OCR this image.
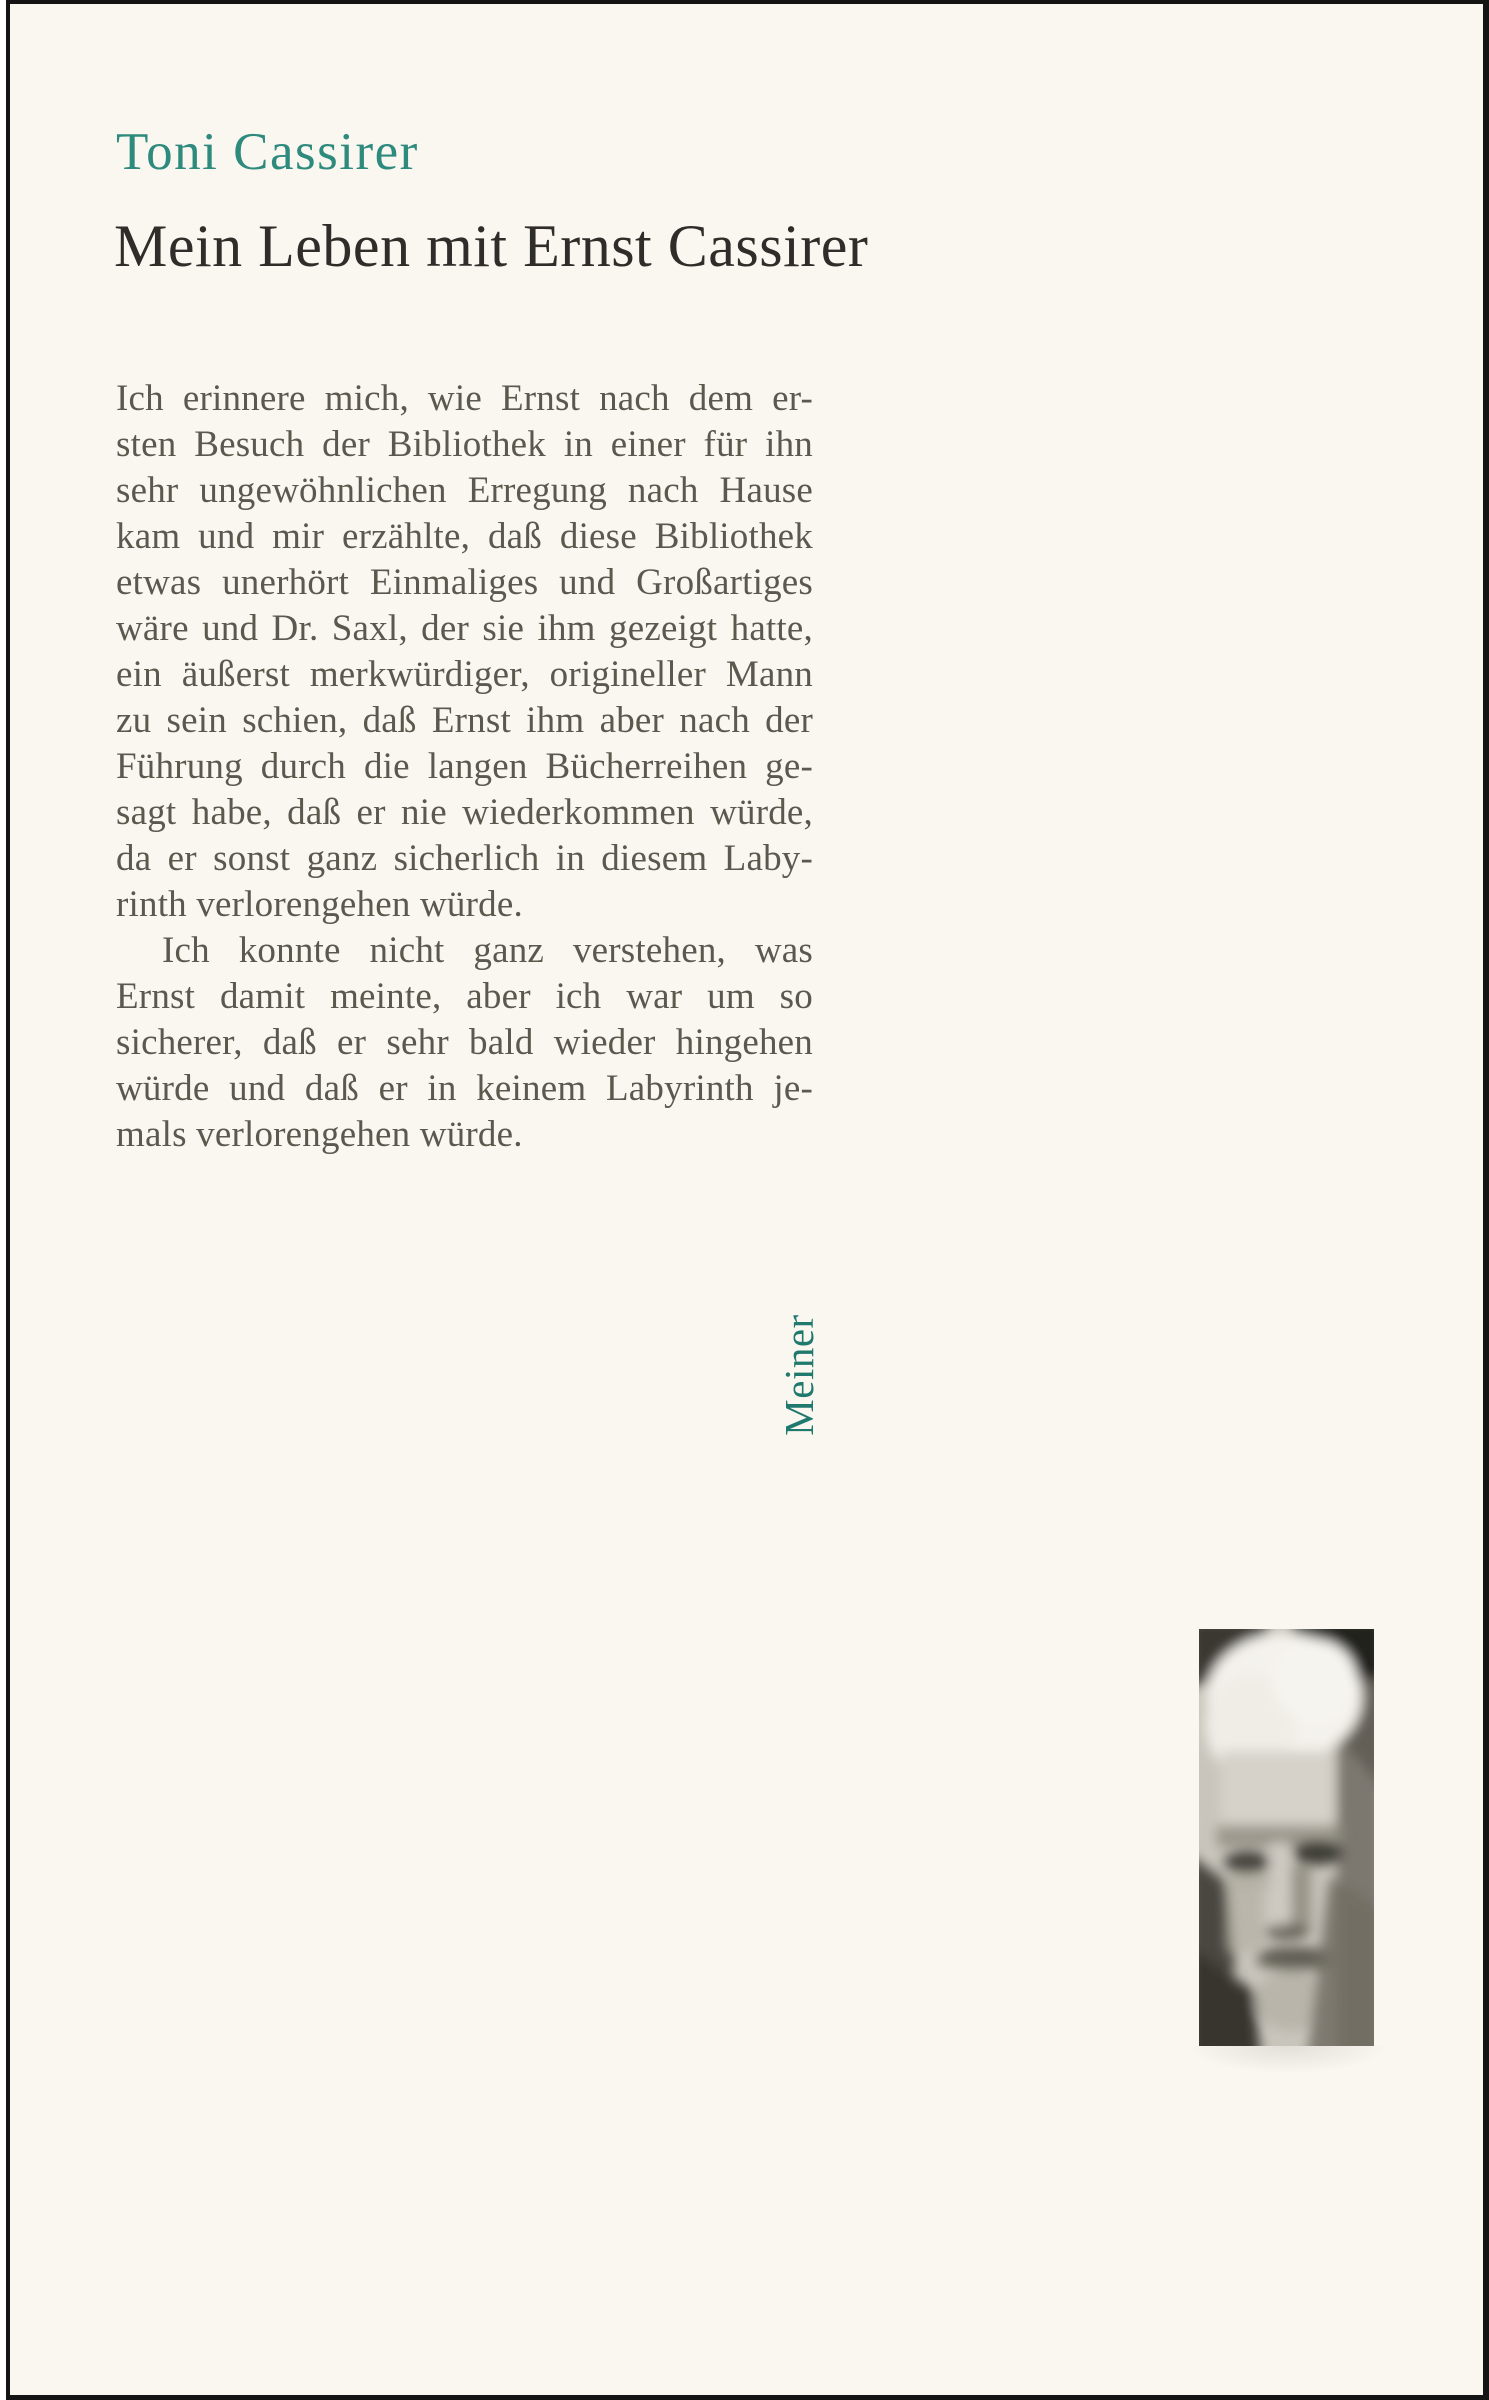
Toni Cassirer
Mein Leben mit Ernst Cassirer
Ich erinnere mich, wie Ernst nach dem er-
sten Besuch der Bibliothek in einer für ihn
sehr ungewöhnlichen Erregung nach Hause
kam und mir erzählte, daß diese Bibliothek
etwas unerhört Einmaliges und Großartiges
wäre und Dr. Saxl, der sie ihm gezeigt hatte,
ein äußerst merkwürdiger, origineller Mann
zu sein schien, daß Ernst ihm aber nach der
Führung durch die langen Bücherreihen ge-
sagt habe, daß er nie wiederkommen würde,
da er sonst ganz sicherlich in diesem Laby-
rinth verlorengehen würde.
Ich konnte nicht ganz verstehen, was
Ernst damit meinte, aber ich war um so
sicherer, daß er sehr bald wieder hingehen
würde und daß er in keinem Labyrinth je-
mals verlorengehen würde.
Meiner
